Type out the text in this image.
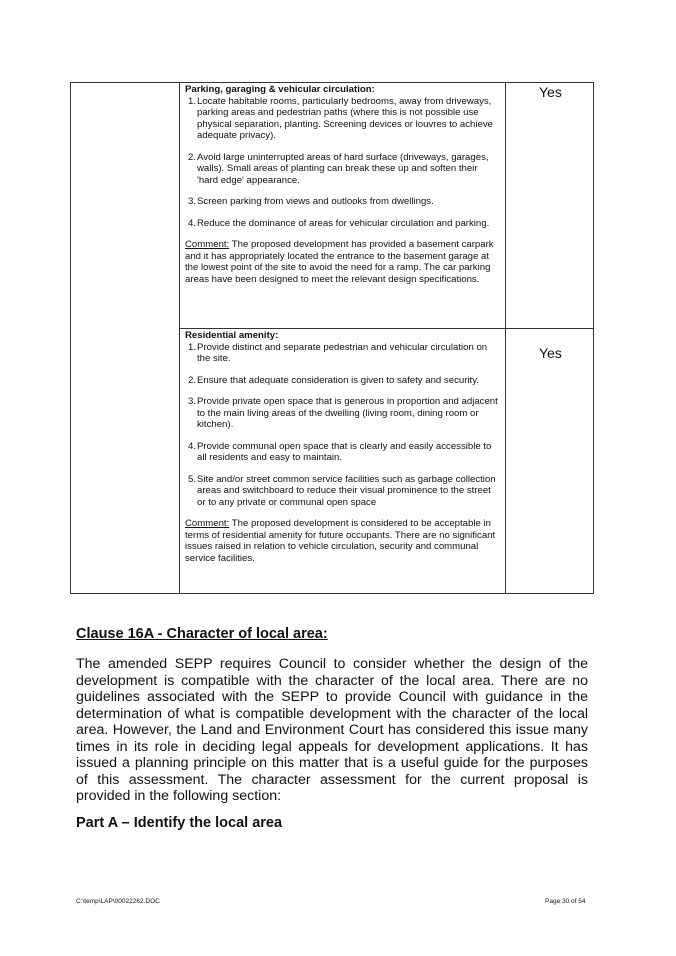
Parking, garaging & vehicular circulation:

1. Locate habitable rooms, particularly bedrooms, away from driveways, parking areas and pedestrian paths (where this is not possible use physical separation, planting. Screening devices or louvres to achieve adequate privacy).
2. Avoid large uninterrupted areas of hard surface (driveways, garages, walls). Small areas of planting can break these up and soften their 'hard edge' appearance.
3. Screen parking from views and outlooks from dwellings.
4. Reduce the dominance of areas for vehicular circulation and parking.

Comment: The proposed development has provided a basement carpark and it has appropriately located the entrance to the basement garage at the lowest point of the site to avoid the need for a ramp. The car parking areas have been designed to meet the relevant design specifications.

Yes

Residential amenity:

1. Provide distinct and separate pedestrian and vehicular circulation on the site.
2. Ensure that adequate consideration is given to safety and security.
3. Provide private open space that is generous in proportion and adjacent to the main living areas of the dwelling (living room, dining room or kitchen).
4. Provide communal open space that is clearly and easily accessible to all residents and easy to maintain.
5. Site and/or street common service facilities such as garbage collection areas and switchboard to reduce their visual prominence to the street or to any private or communal open space

Comment: The proposed development is considered to be acceptable in terms of residential amenity for future occupants. There are no significant issues raised in relation to vehicle circulation, security and communal service facilities.

Yes
Clause 16A - Character of local area:

The amended SEPP requires Council to consider whether the design of the development is compatible with the character of the local area. There are no guidelines associated with the SEPP to provide Council with guidance in the determination of what is compatible development with the character of the local area. However, the Land and Environment Court has considered this issue many times in its role in deciding legal appeals for development applications. It has issued a planning principle on this matter that is a useful guide for the purposes of this assessment. The character assessment for the current proposal is provided in the following section:

Part A – Identify the local area
C:\temp\LAP\00022262.DOC	Page 30 of 54
